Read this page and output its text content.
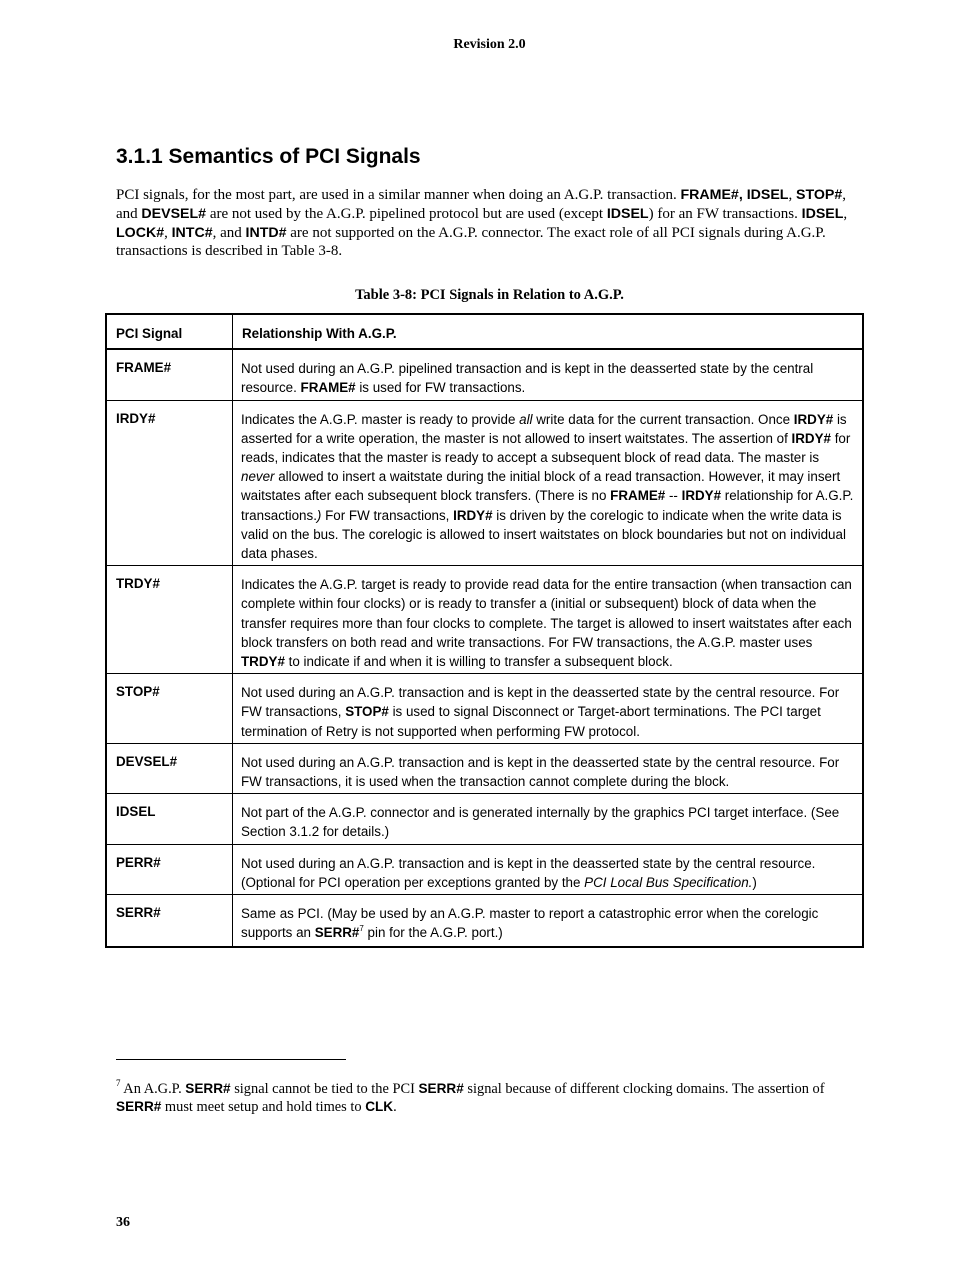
Revision 2.0
3.1.1 Semantics of PCI Signals

PCI signals, for the most part, are used in a similar manner when doing an A.G.P. transaction. FRAME#, IDSEL, STOP#, and DEVSEL# are not used by the A.G.P. pipelined protocol but are used (except IDSEL) for an FW transactions. IDSEL, LOCK#, INTC#, and INTD# are not supported on the A.G.P. connector. The exact role of all PCI signals during A.G.P. transactions is described in Table 3-8.

Table 3-8: PCI Signals in Relation to A.G.P.
PCI Signal	Relationship With A.G.P.
FRAME#	Not used during an A.G.P. pipelined transaction and is kept in the deasserted state by the central resource. FRAME# is used for FW transactions.
IRDY#	Indicates the A.G.P. master is ready to provide all write data for the current transaction. Once IRDY# is asserted for a write operation, the master is not allowed to insert waitstates. The assertion of IRDY# for reads, indicates that the master is ready to accept a subsequent block of read data. The master is never allowed to insert a waitstate during the initial block of a read transaction. However, it may insert waitstates after each subsequent block transfers. (There is no FRAME# -- IRDY# relationship for A.G.P. transactions.) For FW transactions, IRDY# is driven by the corelogic to indicate when the write data is valid on the bus. The corelogic is allowed to insert waitstates on block boundaries but not on individual data phases.
TRDY#	Indicates the A.G.P. target is ready to provide read data for the entire transaction (when transaction can complete within four clocks) or is ready to transfer a (initial or subsequent) block of data when the transfer requires more than four clocks to complete. The target is allowed to insert waitstates after each block transfers on both read and write transactions. For FW transactions, the A.G.P. master uses TRDY# to indicate if and when it is willing to transfer a subsequent block.
STOP#	Not used during an A.G.P. transaction and is kept in the deasserted state by the central resource. For FW transactions, STOP# is used to signal Disconnect or Target-abort terminations. The PCI target termination of Retry is not supported when performing FW protocol.
DEVSEL#	Not used during an A.G.P. transaction and is kept in the deasserted state by the central resource. For FW transactions, it is used when the transaction cannot complete during the block.
IDSEL	Not part of the A.G.P. connector and is generated internally by the graphics PCI target interface. (See Section 3.1.2 for details.)
PERR#	Not used during an A.G.P. transaction and is kept in the deasserted state by the central resource. (Optional for PCI operation per exceptions granted by the PCI Local Bus Specification.)
SERR#	Same as PCI. (May be used by an A.G.P. master to report a catastrophic error when the corelogic supports an SERR#$^7$ pin for the A.G.P. port.)

$^7$ An A.G.P. SERR# signal cannot be tied to the PCI SERR# signal because of different clocking domains. The assertion of SERR# must meet setup and hold times to CLK.

36
